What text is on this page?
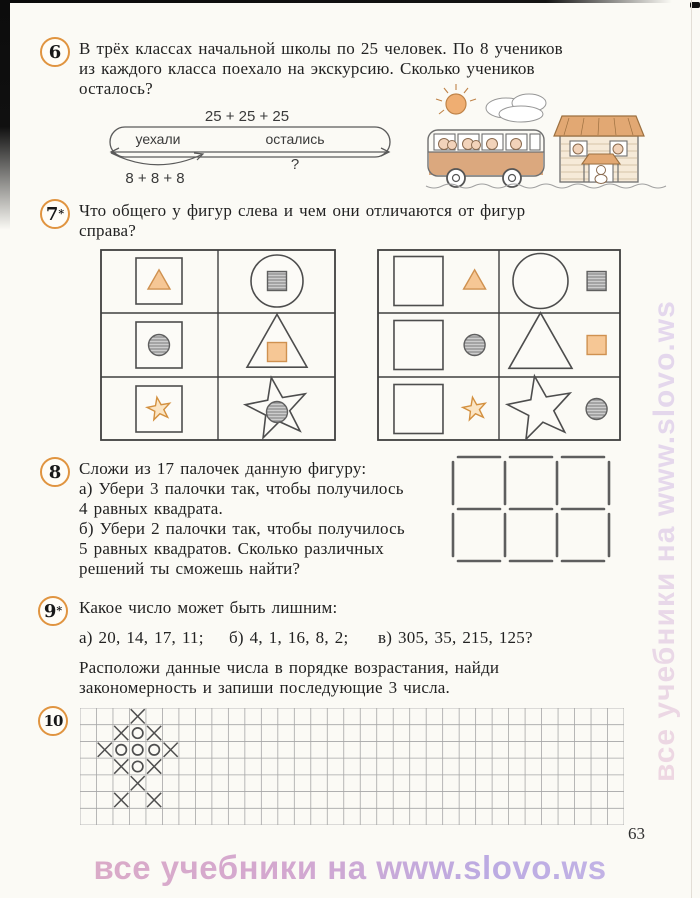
все учебники на www.slovo.ws
все учебники на www.slovo.ws
6	В трёх классах начальной школы по 25 человек. По 8 учеников
из каждого класса поехало на экскурсию. Сколько учеников
осталось?
25 + 25 + 25
уехали	остались
8 + 8 + 8
?
7 * Что общего у фигур слева и чем они отличаются от фигур
справа?
8	Сложи из 17 палочек данную фигуру:

а) Убери 3 палочки так, чтобы получилось
4 равных квадрата.

б) Убери 2 палочки так, чтобы получилось
5 равных квадратов. Сколько различных
решений ты сможешь найти?

9 * Какое число может быть лишним:

а) 20, 14, 17, 11;	б) 4, 1, 16, 8, 2;	в) 305, 35, 215, 125?

Расположи данные числа в порядке возрастания, найди
закономерность и запиши последующие 3 числа.

10
63
